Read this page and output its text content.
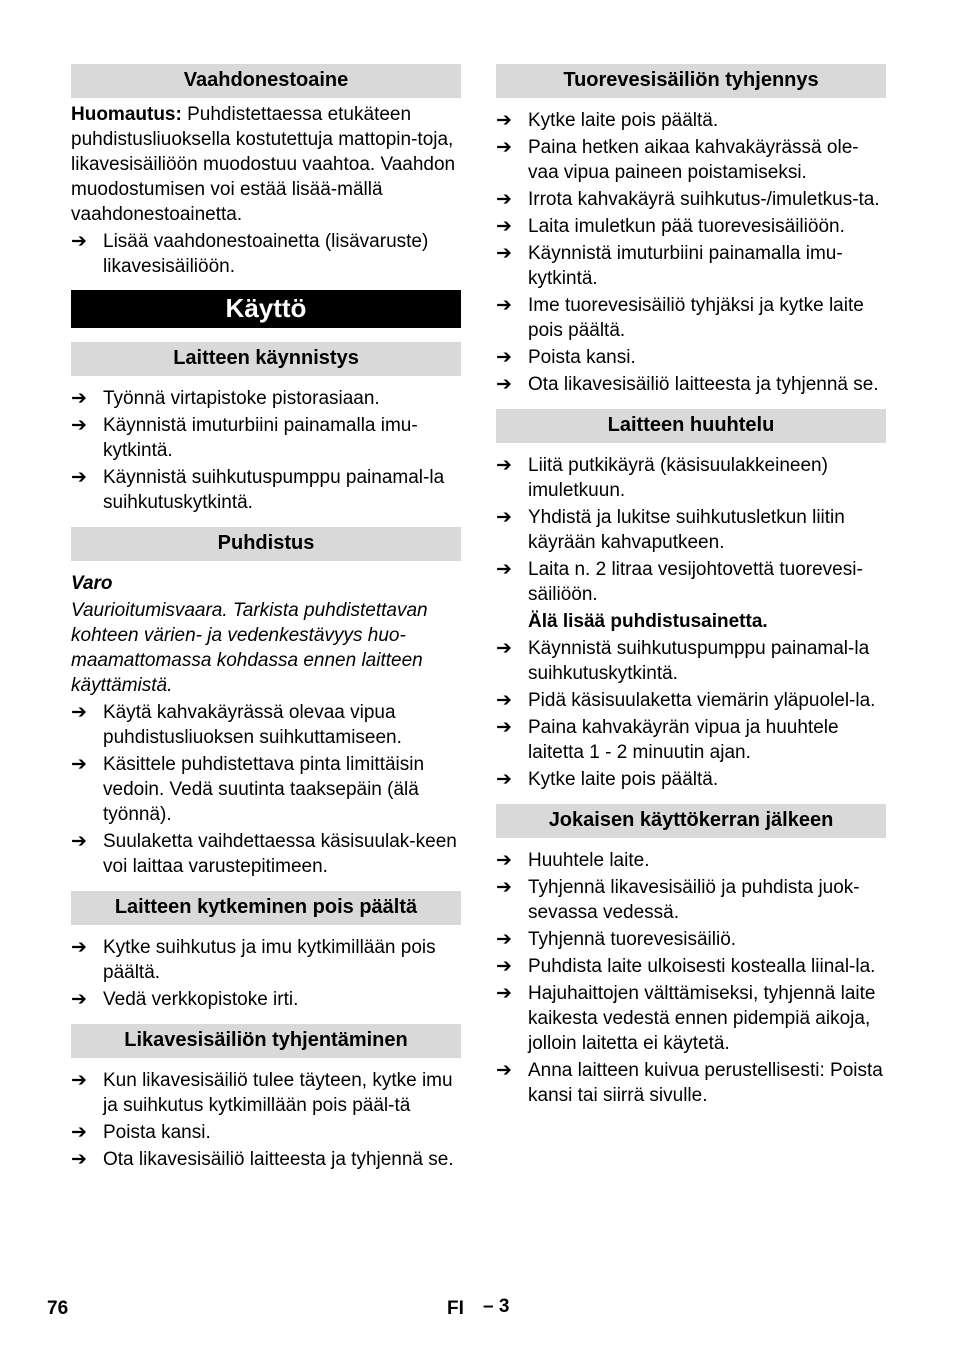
Vaahdonestoaine

Huomautus: Puhdistettaessa etukäteen puhdistusliuoksella kostutettuja mattopin-toja, likavesisäiliöön muodostuu vaahtoa. Vaahdon muodostumisen voi estää lisää-mällä vaahdonestoainetta.

➔ Lisää vaahdonestoainetta (lisävaruste) likavesisäiliöön.
Käyttö
Laitteen käynnistys
➔ Työnnä virtapistoke pistorasiaan.
➔ Käynnistä imuturbiini painamalla imu-kytkintä.
➔ Käynnistä suihkutuspumppu painamal-la suihkutuskytkintä.
Puhdistus

Varo

Vaurioitumisvaara. Tarkista puhdistettavan kohteen värien- ja vedenkestävyys huo-maamattomassa kohdassa ennen laitteen käyttämistä.

➔ Käytä kahvakäyrässä olevaa vipua puhdistusliuoksen suihkuttamiseen.
➔ Käsittele puhdistettava pinta limittäisin vedoin. Vedä suutinta taaksepäin (älä työnnä).
➔ Suulaketta vaihdettaessa käsisuulak-keen voi laittaa varustepitimeen.
Laitteen kytkeminen pois päältä
➔ Kytke suihkutus ja imu kytkimillään pois päältä.
➔ Vedä verkkopistoke irti.
Likavesisäiliön tyhjentäminen
➔ Kun likavesisäiliö tulee täyteen, kytke imu ja suihkutus kytkimillään pois pääl-tä
➔ Poista kansi.
➔ Ota likavesisäiliö laitteesta ja tyhjennä se.
Tuorevesisäiliön tyhjennys
➔ Kytke laite pois päältä.
➔ Paina hetken aikaa kahvakäyrässä ole-vaa vipua paineen poistamiseksi.
➔ Irrota kahvakäyrä suihkutus-/imuletkus-ta.
➔ Laita imuletkun pää tuorevesisäiliöön.
➔ Käynnistä imuturbiini painamalla imu-kytkintä.
➔ Ime tuorevesisäiliö tyhjäksi ja kytke laite pois päältä.
➔ Poista kansi.
➔ Ota likavesisäiliö laitteesta ja tyhjennä se.
Laitteen huuhtelu
➔ Liitä putkikäyrä (käsisuulakkeineen) imuletkuun.
➔ Yhdistä ja lukitse suihkutusletkun liitin käyrään kahvaputkeen.
➔ Laita n. 2 litraa vesijohtovettä tuorevesi-säiliöön.

Älä lisää puhdistusainetta.

➔ Käynnistä suihkutuspumppu painamal-la suihkutuskytkintä.
➔ Pidä käsisuulaketta viemärin yläpuolel-la.
➔ Paina kahvakäyrän vipua ja huuhtele laitetta 1 - 2 minuutin ajan.
➔ Kytke laite pois päältä.
Jokaisen käyttökerran jälkeen
➔ Huuhtele laite.
➔ Tyhjennä likavesisäiliö ja puhdista juok-sevassa vedessä.
➔ Tyhjennä tuorevesisäiliö.
➔ Puhdista laite ulkoisesti kostealla liinal-la.
➔ Hajuhaittojen välttämiseksi, tyhjennä laite kaikesta vedestä ennen pidempiä aikoja, jolloin laitetta ei käytetä.
➔ Anna laitteen kuivua perustellisesti: Poista kansi tai siirrä sivulle.
76	FI – 3
